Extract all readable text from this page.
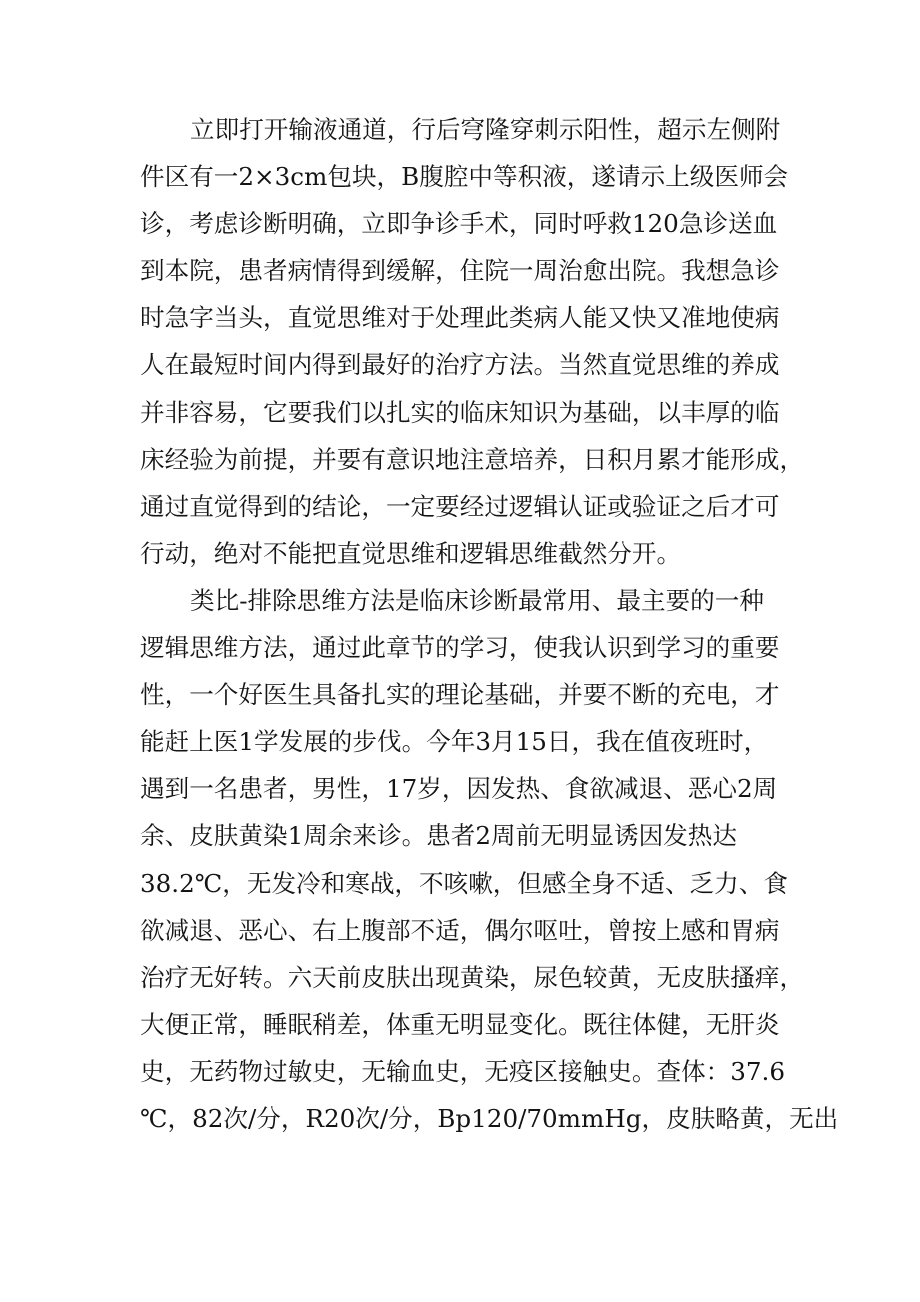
立即打开输液通道，行后穹隆穿刺示阳性，超示左侧附
件区有一2×3cm包块，B腹腔中等积液，遂请示上级医师会
诊，考虑诊断明确，立即争诊手术，同时呼救120急诊送血
到本院，患者病情得到缓解，住院一周治愈出院。我想急诊
时急字当头，直觉思维对于处理此类病人能又快又准地使病
人在最短时间内得到最好的治疗方法。当然直觉思维的养成
并非容易，它要我们以扎实的临床知识为基础，以丰厚的临
床经验为前提，并要有意识地注意培养，日积月累才能形成，
通过直觉得到的结论，一定要经过逻辑认证或验证之后才可
行动，绝对不能把直觉思维和逻辑思维截然分开。
类比-排除思维方法是临床诊断最常用、最主要的一种
逻辑思维方法，通过此章节的学习，使我认识到学习的重要
性，一个好医生具备扎实的理论基础，并要不断的充电，才
能赶上医1学发展的步伐。今年3月15日，我在值夜班时，
遇到一名患者，男性，17岁，因发热、食欲减退、恶心2周
余、皮肤黄染1周余来诊。患者2周前无明显诱因发热达
38.2℃，无发冷和寒战，不咳嗽，但感全身不适、乏力、食
欲减退、恶心、右上腹部不适，偶尔呕吐，曾按上感和胃病
治疗无好转。六天前皮肤出现黄染，尿色较黄，无皮肤搔痒，
大便正常，睡眠稍差，体重无明显变化。既往体健，无肝炎
史，无药物过敏史，无输血史，无疫区接触史。查体：37.6
℃，82次/分，R20次/分，Bp120/70mmHg，皮肤略黄，无出
